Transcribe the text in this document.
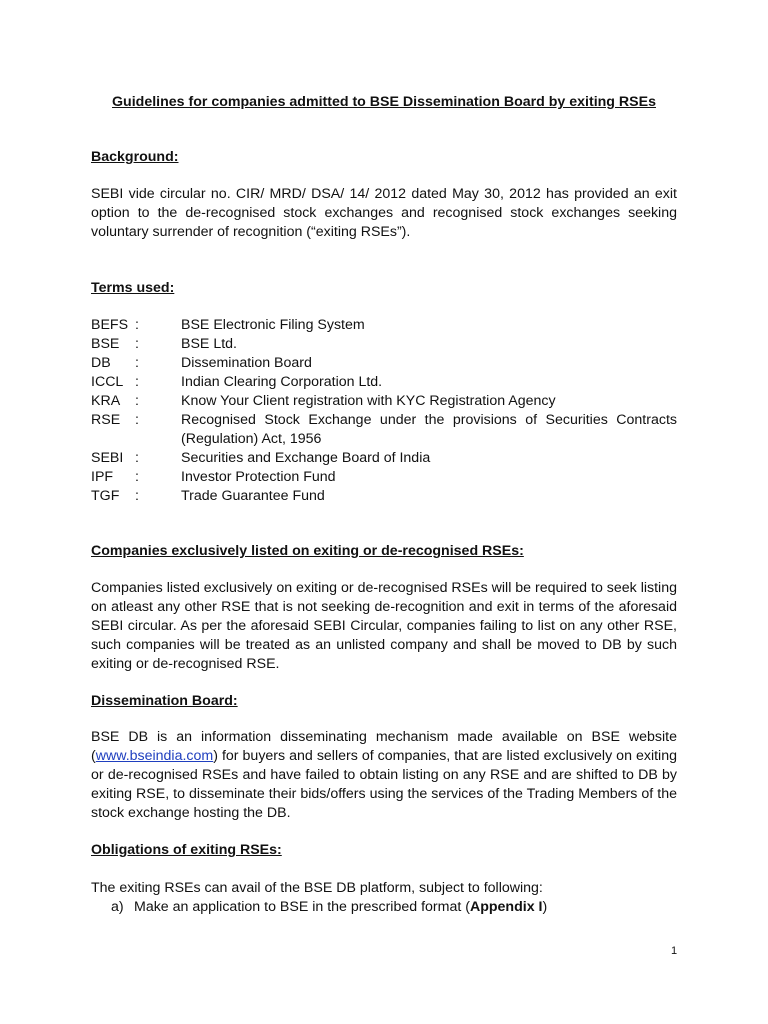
Guidelines for companies admitted to BSE Dissemination Board by exiting RSEs
Background:
SEBI vide circular no. CIR/ MRD/ DSA/ 14/ 2012 dated May 30, 2012 has provided an exit option to the de-recognised stock exchanges and recognised stock exchanges seeking voluntary surrender of recognition (“exiting RSEs”).
Terms used:
BEFS :	BSE Electronic Filing System
BSE	:	BSE Ltd.
DB	:	Dissemination Board
ICCL :	Indian Clearing Corporation Ltd.
KRA	:	Know Your Client registration with KYC Registration Agency
RSE	:	Recognised Stock Exchange under the provisions of Securities Contracts (Regulation) Act, 1956
SEBI :	Securities and Exchange Board of India
IPF	:	Investor Protection Fund
TGF	:	Trade Guarantee Fund
Companies exclusively listed on exiting or de-recognised RSEs:
Companies listed exclusively on exiting or de-recognised RSEs will be required to seek listing on atleast any other RSE that is not seeking de-recognition and exit in terms of the aforesaid SEBI circular. As per the aforesaid SEBI Circular, companies failing to list on any other RSE, such companies will be treated as an unlisted company and shall be moved to DB by such exiting or de-recognised RSE.
Dissemination Board:
BSE DB is an information disseminating mechanism made available on BSE website (www.bseindia.com) for buyers and sellers of companies, that are listed exclusively on exiting or de-recognised RSEs and have failed to obtain listing on any RSE and are shifted to DB by exiting RSE, to disseminate their bids/offers using the services of the Trading Members of the stock exchange hosting the DB.
Obligations of exiting RSEs:
The exiting RSEs can avail of the BSE DB platform, subject to following:
a) Make an application to BSE in the prescribed format (Appendix I)
1
